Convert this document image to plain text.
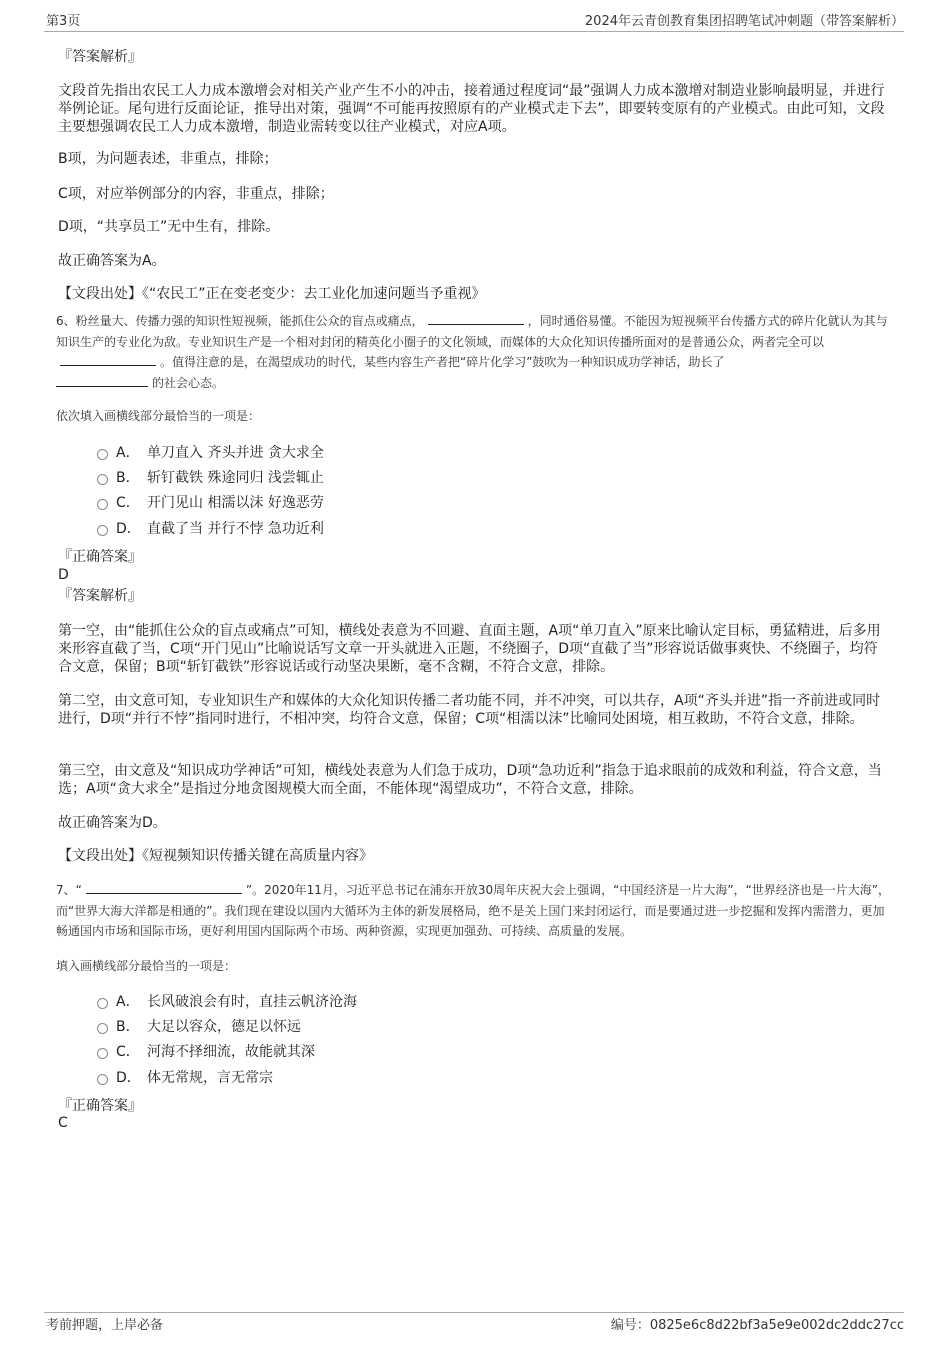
第3页	2024年云青创教育集团招聘笔试冲刺题（带答案解析）
『答案解析』
文段首先指出农民工人力成本激增会对相关产业产生不小的冲击，接着通过程度词“最”强调人力成本激增对制造业影响最明显，并进行举例论证。尾句进行反面论证，推导出对策，强调“不可能再按照原有的产业模式走下去”，即要转变原有的产业模式。由此可知，文段主要想强调农民工人力成本激增，制造业需转变以往产业模式，对应A项。
B项，为问题表述，非重点，排除；
C项，对应举例部分的内容，非重点，排除；
D项，“共享员工”无中生有，排除。
故正确答案为A。
【文段出处】《“农民工”正在变老变少：去工业化加速问题当予重视》
6、粉丝量大、传播力强的知识性短视频，能抓住公众的盲点或痛点，	，同时通俗易懂。不能因为短视频平台传播方式的碎片化就认为其与知识生产的专业化为敌。专业知识生产是一个相对封闭的精英化小圈子的文化领域，而媒体的大众化知识传播所面对的是普通公众，两者完全可以。值得注意的是，在渴望成功的时代，某些内容生产者把“碎片化学习”鼓吹为一种知识成功学神话，助长了
的社会心态。
依次填入画横线部分最恰当的一项是：
A． 单刀直入 齐头并进 贪大求全
B． 斩钉截铁 殊途同归 浅尝辄止
C． 开门见山 相濡以沫 好逸恶劳
D． 直截了当 并行不悖 急功近利
『正确答案』
D
『答案解析』
第一空，由“能抓住公众的盲点或痛点”可知，横线处表意为不回避、直面主题，A项“单刀直入”原来比喻认定目标，勇猛精进，后多用来形容直截了当，C项“开门见山”比喻说话写文章一开头就进入正题，不绕圈子，D项“直截了当”形容说话做事爽快、不绕圈子，均符合文意，保留；B项“斩钉截铁”形容说话或行动坚决果断，毫不含糊，不符合文意，排除。
第二空，由文意可知，专业知识生产和媒体的大众化知识传播二者功能不同，并不冲突，可以共存，A项“齐头并进”指一齐前进或同时进行，D项“并行不悖”指同时进行，不相冲突，均符合文意，保留；C项“相濡以沫”比喻同处困境，相互救助，不符合文意，排除。
第三空，由文意及“知识成功学神话”可知，横线处表意为人们急于成功，D项“急功近利”指急于追求眼前的成效和利益，符合文意，当选；A项“贪大求全”是指过分地贪图规模大而全面，不能体现“渴望成功”，不符合文意，排除。
故正确答案为D。
【文段出处】《短视频知识传播关键在高质量内容》
7、“	”。2020年11月，习近平总书记在浦东开放30周年庆祝大会上强调，“中国经济是一片大海”，“世界经济也是一片大海”，而“世界大海大洋都是相通的”。我们现在建设以国内大循环为主体的新发展格局，绝不是关上国门来封闭运行，而是要通过进一步挖掘和发挥内需潜力，更加畅通国内市场和国际市场，更好利用国内国际两个市场、两种资源，实现更加强劲、可持续、高质量的发展。
填入画横线部分最恰当的一项是：
A． 长风破浪会有时，直挂云帆济沧海
B． 大足以容众，德足以怀远
C． 河海不择细流，故能就其深
D． 体无常规，言无常宗
『正确答案』
C
考前押题，上岸必备	编号：0825e6c8d22bf3a5e9e002dc2ddc27cc
